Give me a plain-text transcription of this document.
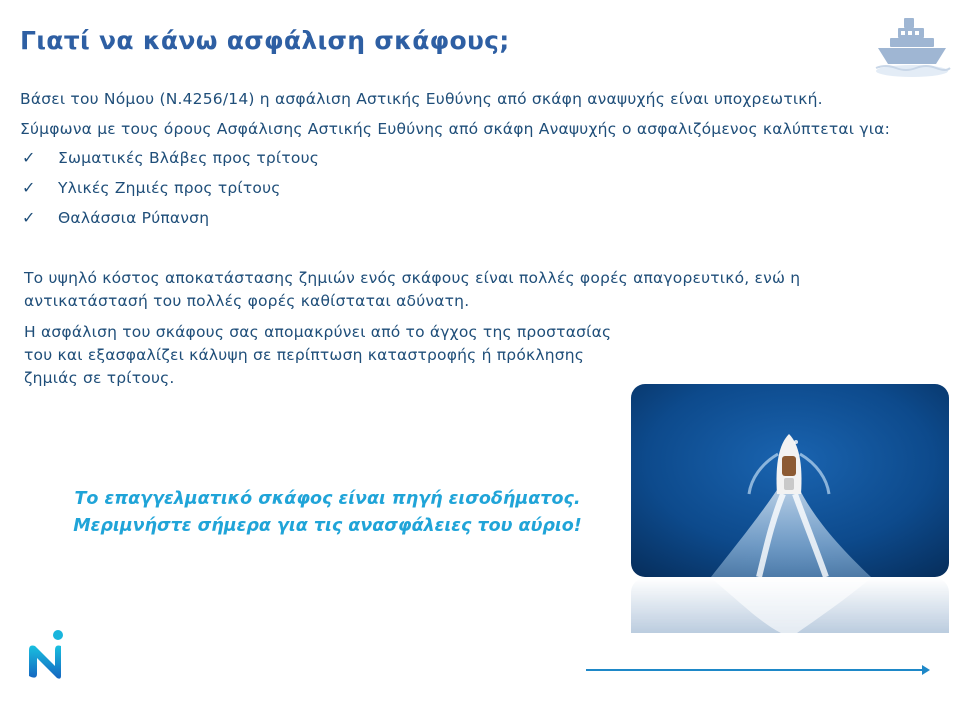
Γιατί να κάνω ασφάλιση σκάφους;

Βάσει του Νόμου (Ν.4256/14) η ασφάλιση Αστικής Ευθύνης από σκάφη αναψυχής είναι υποχρεωτική.

Σύμφωνα με τους όρους Ασφάλισης Αστικής Ευθύνης από σκάφη Αναψυχής ο ασφαλιζόμενος καλύπτεται για:

✓ Σωματικές Βλάβες προς τρίτους
✓ Υλικές Ζημιές προς τρίτους
✓ Θαλάσσια Ρύπανση

Το υψηλό κόστος αποκατάστασης ζημιών ενός σκάφους είναι πολλές φορές απαγορευτικό, ενώ η αντικατάστασή του πολλές φορές καθίσταται αδύνατη.

Η ασφάλιση του σκάφους σας απομακρύνει από το άγχος της προστασίας του και εξασφαλίζει κάλυψη σε περίπτωση καταστροφής ή πρόκλησης ζημιάς σε τρίτους.

Το επαγγελματικό σκάφος είναι πηγή εισοδήματος.
Μεριμνήστε σήμερα για τις ανασφάλειες του αύριο!
